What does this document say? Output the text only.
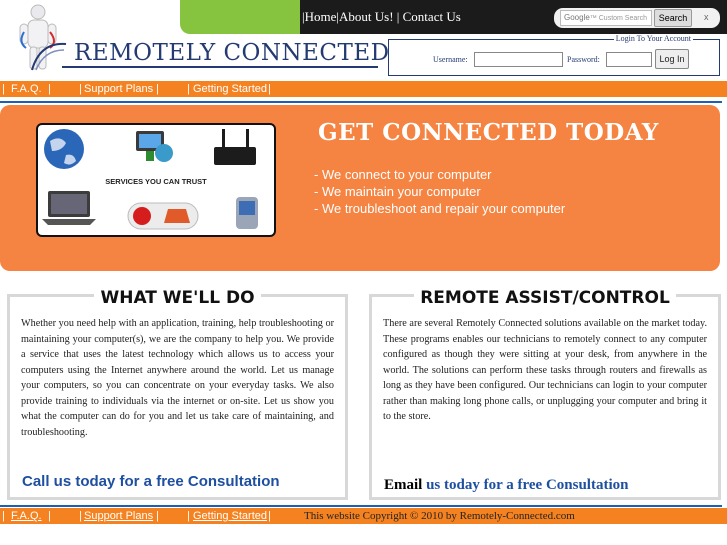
REMOTELY CONNECTED
|Home|About Us! | Contact Us	Google™ Custom Search	Search	x
Login To Your Account
Username:	Password:	Log In
| F.A.Q. |	| Support Plans |	| Getting Started |
SERVICES YOU CAN TRUST
GET CONNECTED TODAY
- We connect to your computer
- We maintain your computer
- We troubleshoot and repair your computer
WHAT WE'LL DO
Whether you need help with an application, training, help troubleshooting or maintaining your computer(s), we are the company to help you. We provide a service that uses the latest technology which allows us to access your computers using the Internet anywhere around the world. Let us manage your computers, so you can concentrate on your everyday tasks. We also provide training to individuals via the internet or on-site. Let us show you what the computer can do for you and let us take care of maintaining, and troubleshooting.
Call us today for a free Consultation
REMOTE ASSIST/CONTROL
There are several Remotely Connected solutions available on the market today. These programs enables our technicians to remotely connect to any computer configured as though they were sitting at your desk, from anywhere in the world. The solutions can perform these tasks through routers and firewalls as long as they have been configured. Our technicians can login to your computer rather than making long phone calls, or unplugging your computer and bring it to the store.
Email us today for a free Consultation
| F.A.Q. |	| Support Plans |	| Getting Started |	This website Copyright © 2010 by Remotely-Connected.com
